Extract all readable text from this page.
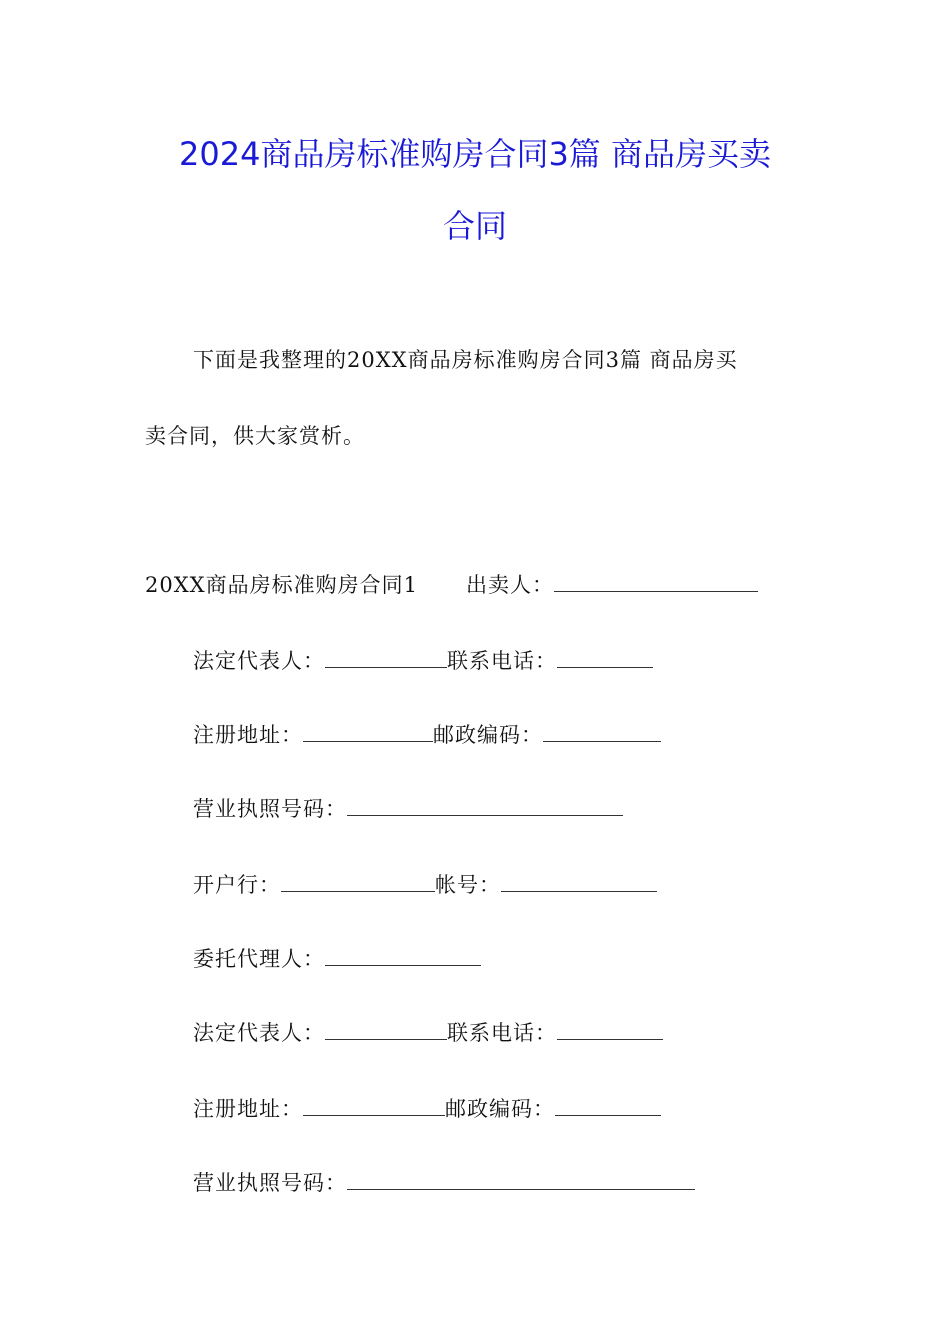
2024商品房标准购房合同3篇 商品房买卖
合同
下面是我整理的20XX商品房标准购房合同3篇 商品房买
卖合同，供大家赏析。
20XX商品房标准购房合同1 出卖人：
法定代表人：	联系电话：
注册地址：	邮政编码：
营业执照号码：
开户行：	帐号：
委托代理人：
法定代表人：	联系电话：
注册地址：	邮政编码：
营业执照号码：
